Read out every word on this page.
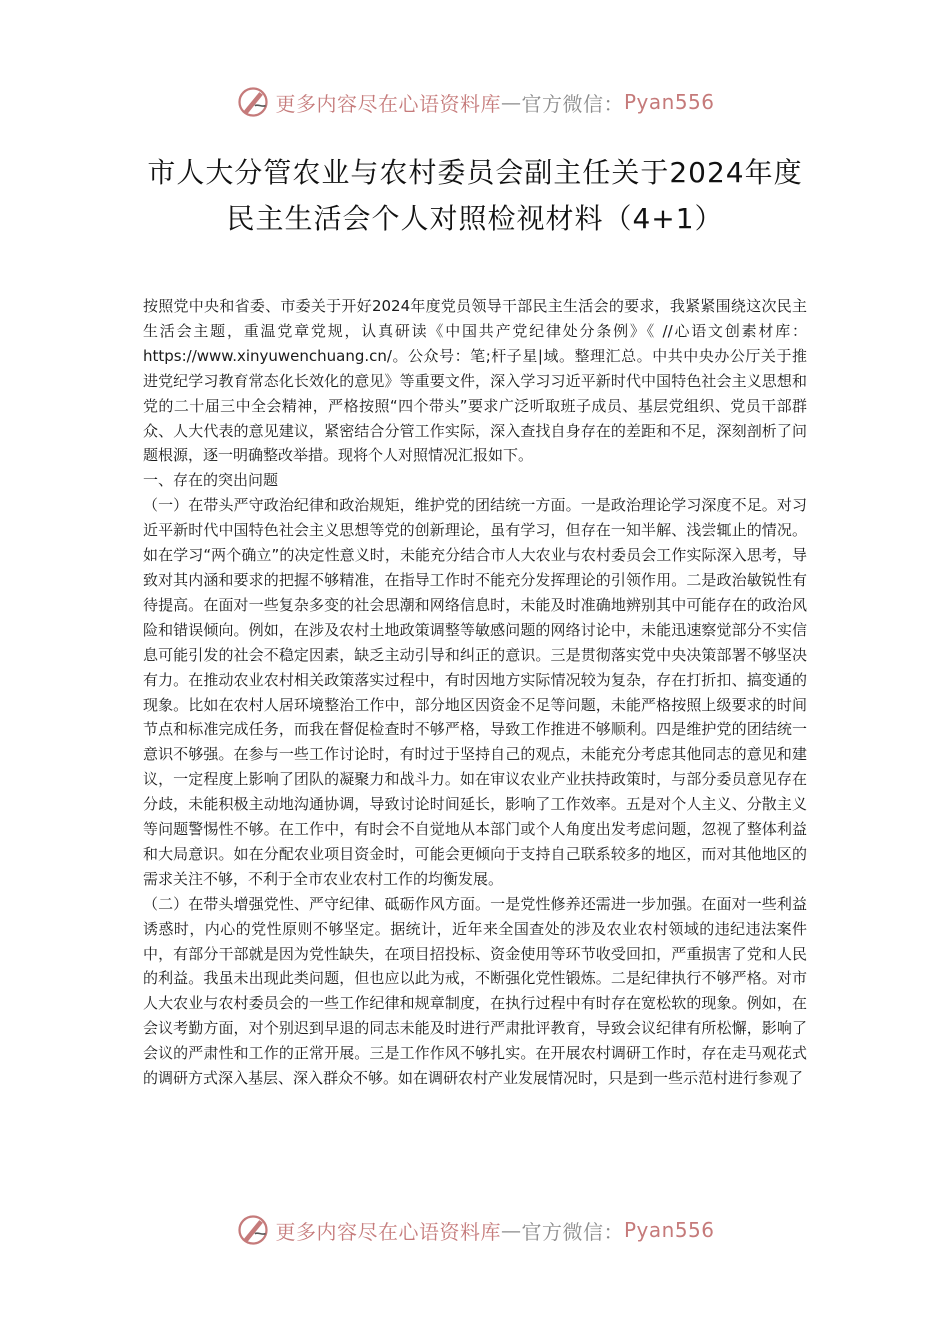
更多内容尽在心语资料库 — 官方微信： Pyan556
市人大分管农业与农村委员会副主任关于2024年度
民主生活会个人对照检视材料（4+1）

按照党中央和省委、市委关于开好2024年度党员领导干部民主生活会的要求，我紧紧围绕这次民主生活会主题，重温党章党规，认真研读《中国共产党纪律处分条例》《 //心语文创素材库：https://www.xinyuwenchuang.cn/。公众号：笔;杆子星|域。整理汇总。中共中央办公厅关于推进党纪学习教育常态化长效化的意见》等重要文件，深入学习习近平新时代中国特色社会主义思想和党的二十届三中全会精神，严格按照“四个带头”要求广泛听取班子成员、基层党组织、党员干部群众、人大代表的意见建议，紧密结合分管工作实际，深入查找自身存在的差距和不足，深刻剖析了问题根源，逐一明确整改举措。现将个人对照情况汇报如下。

一、存在的突出问题

（一）在带头严守政治纪律和政治规矩，维护党的团结统一方面。一是政治理论学习深度不足。对习近平新时代中国特色社会主义思想等党的创新理论，虽有学习，但存在一知半解、浅尝辄止的情况。如在学习“两个确立”的决定性意义时，未能充分结合市人大农业与农村委员会工作实际深入思考，导致对其内涵和要求的把握不够精准，在指导工作时不能充分发挥理论的引领作用。二是政治敏锐性有待提高。在面对一些复杂多变的社会思潮和网络信息时，未能及时准确地辨别其中可能存在的政治风险和错误倾向。例如，在涉及农村土地政策调整等敏感问题的网络讨论中，未能迅速察觉部分不实信息可能引发的社会不稳定因素，缺乏主动引导和纠正的意识。三是贯彻落实党中央决策部署不够坚决有力。在推动农业农村相关政策落实过程中，有时因地方实际情况较为复杂，存在打折扣、搞变通的现象。比如在农村人居环境整治工作中，部分地区因资金不足等问题，未能严格按照上级要求的时间节点和标准完成任务，而我在督促检查时不够严格，导致工作推进不够顺利。四是维护党的团结统一意识不够强。在参与一些工作讨论时，有时过于坚持自己的观点，未能充分考虑其他同志的意见和建议，一定程度上影响了团队的凝聚力和战斗力。如在审议农业产业扶持政策时，与部分委员意见存在分歧，未能积极主动地沟通协调，导致讨论时间延长，影响了工作效率。五是对个人主义、分散主义等问题警惕性不够。在工作中，有时会不自觉地从本部门或个人角度出发考虑问题，忽视了整体利益和大局意识。如在分配农业项目资金时，可能会更倾向于支持自己联系较多的地区，而对其他地区的需求关注不够，不利于全市农业农村工作的均衡发展。

（二）在带头增强党性、严守纪律、砥砺作风方面。一是党性修养还需进一步加强。在面对一些利益诱惑时，内心的党性原则不够坚定。据统计，近年来全国查处的涉及农业农村领域的违纪违法案件中，有部分干部就是因为党性缺失，在项目招投标、资金使用等环节收受回扣，严重损害了党和人民的利益。我虽未出现此类问题，但也应以此为戒，不断强化党性锻炼。二是纪律执行不够严格。对市人大农业与农村委员会的一些工作纪律和规章制度，在执行过程中有时存在宽松软的现象。例如，在会议考勤方面，对个别迟到早退的同志未能及时进行严肃批评教育，导致会议纪律有所松懈，影响了会议的严肃性和工作的正常开展。三是工作作风不够扎实。在开展农村调研工作时，存在走马观花式的调研方式深入基层、深入群众不够。如在调研农村产业发展情况时，只是到一些示范村进行参观了

更多内容尽在心语资料库 — 官方微信： Pyan556
